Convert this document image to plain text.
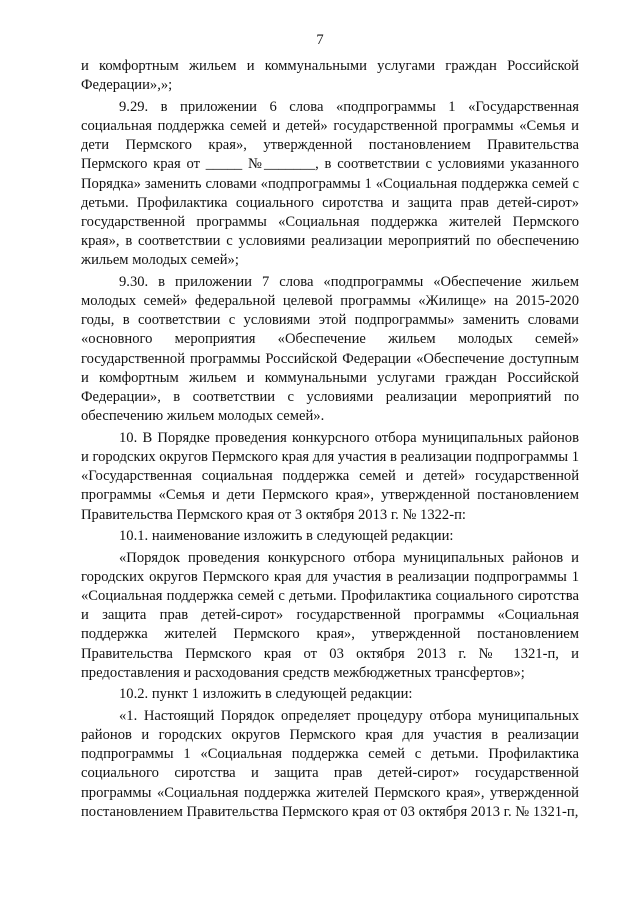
7

и комфортным жильем и коммунальными услугами граждан Российской Федерации»,»;

9.29. в приложении 6 слова «подпрограммы 1 «Государственная социальная поддержка семей и детей» государственной программы «Семья и дети Пермского края», утвержденной постановлением Правительства Пермского края от _____ №_______, в соответствии с условиями указанного Порядка» заменить словами «подпрограммы 1 «Социальная поддержка семей с детьми. Профилактика социального сиротства и защита прав детей-сирот» государственной программы «Социальная поддержка жителей Пермского края», в соответствии с условиями реализации мероприятий по обеспечению жильем молодых семей»;

9.30. в приложении 7 слова «подпрограммы «Обеспечение жильем молодых семей» федеральной целевой программы «Жилище» на 2015-2020 годы, в соответствии с условиями этой подпрограммы» заменить словами «основного мероприятия «Обеспечение жильем молодых семей» государственной программы Российской Федерации «Обеспечение доступным и комфортным жильем и коммунальными услугами граждан Российской Федерации», в соответствии с условиями реализации мероприятий по обеспечению жильем молодых семей».

10. В Порядке проведения конкурсного отбора муниципальных районов и городских округов Пермского края для участия в реализации подпрограммы 1 «Государственная социальная поддержка семей и детей» государственной программы «Семья и дети Пермского края», утвержденной постановлением Правительства Пермского края от 3 октября 2013 г. № 1322-п:

10.1. наименование изложить в следующей редакции:

«Порядок проведения конкурсного отбора муниципальных районов и городских округов Пермского края для участия в реализации подпрограммы 1 «Социальная поддержка семей с детьми. Профилактика социального сиротства и защита прав детей-сирот» государственной программы «Социальная поддержка жителей Пермского края», утвержденной постановлением Правительства Пермского края от 03 октября 2013 г. № 1321-п, и предоставления и расходования средств межбюджетных трансфертов»;

10.2. пункт 1 изложить в следующей редакции:

«1. Настоящий Порядок определяет процедуру отбора муниципальных районов и городских округов Пермского края для участия в реализации подпрограммы 1 «Социальная поддержка семей с детьми. Профилактика социального сиротства и защита прав детей-сирот» государственной программы «Социальная поддержка жителей Пермского края», утвержденной постановлением Правительства Пермского края от 03 октября 2013 г. № 1321-п,
